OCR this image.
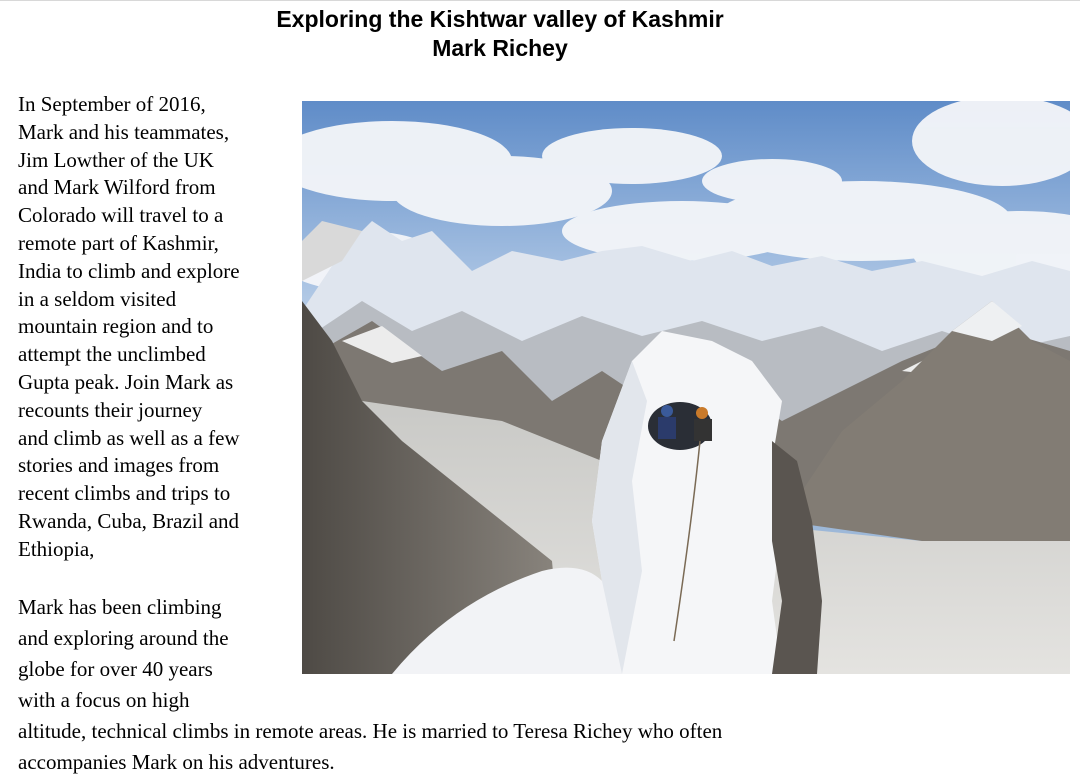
Exploring the Kishtwar valley of Kashmir
Mark Richey
In September of 2016,
Mark and his teammates,
Jim Lowther of the UK
and Mark Wilford from
Colorado will travel to a
remote part of Kashmir,
India to climb and explore
in a seldom visited
mountain region and to
attempt the unclimbed
Gupta peak. Join Mark as
recounts their journey
and climb as well as a few
stories and images from
recent climbs and trips to
Rwanda, Cuba, Brazil and
Ethiopia,
Mark has been climbing
and exploring around the
globe for over 40 years
with a focus on high
altitude, technical climbs in remote areas. He is married to Teresa Richey who often
accompanies Mark on his adventures.
